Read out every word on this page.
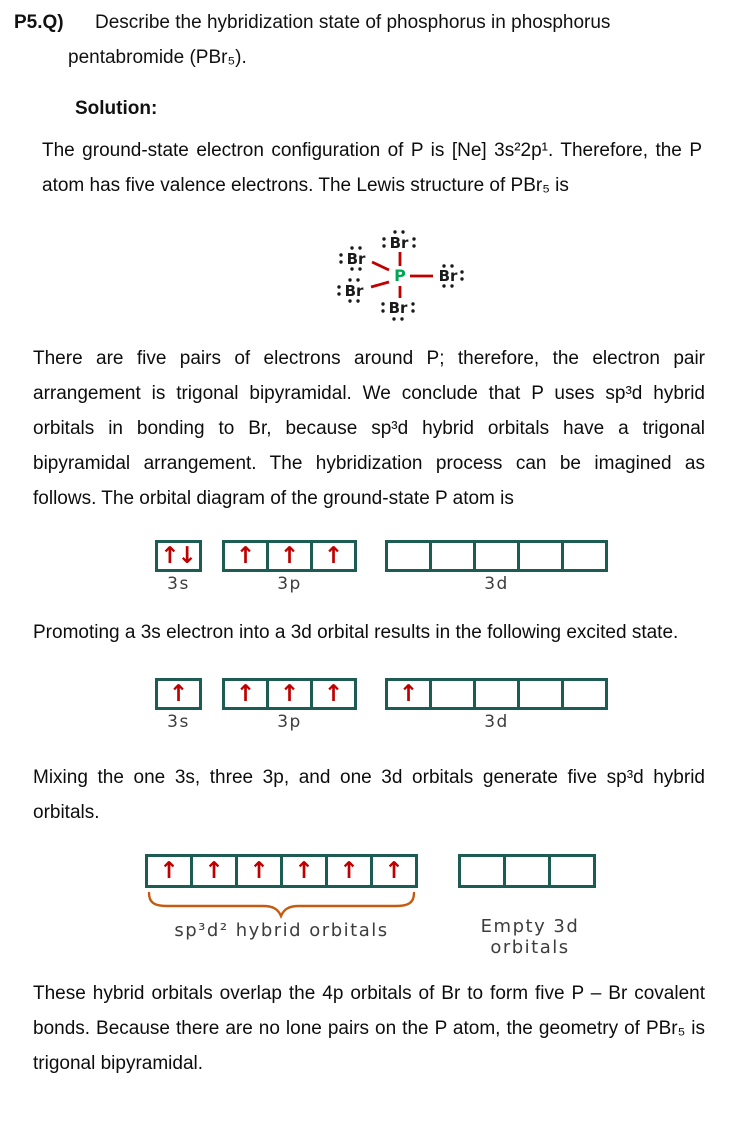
P5.Q)	Describe the hybridization state of phosphorus in phosphorus
pentabromide (PBr₅).
Solution:

The ground-state electron configuration of P is [Ne] 3s²2p¹. Therefore, the P atom has five valence electrons. The Lewis structure of PBr₅ is

P
Br
Br
Br
Br
Br

There are five pairs of electrons around P; therefore, the electron pair arrangement is trigonal bipyramidal. We conclude that P uses sp³d hybrid orbitals in bonding to Br, because sp³d hybrid orbitals have a trigonal bipyramidal arrangement. The hybridization process can be imagined as follows. The orbital diagram of the ground-state P atom is

↑↓
3s
↑ ↑ ↑
3p	3d

Promoting a 3s electron into a 3d orbital results in the following excited state.

↑
3s
↑ ↑ ↑
3p
↑
3d

Mixing the one 3s, three 3p, and one 3d orbitals generate five sp³d hybrid orbitals.

↑ ↑ ↑ ↑ ↑ ↑
sp³d² hybrid orbitals	Empty 3d orbitals

These hybrid orbitals overlap the 4p orbitals of Br to form five P – Br covalent bonds. Because there are no lone pairs on the P atom, the geometry of PBr₅ is trigonal bipyramidal.
